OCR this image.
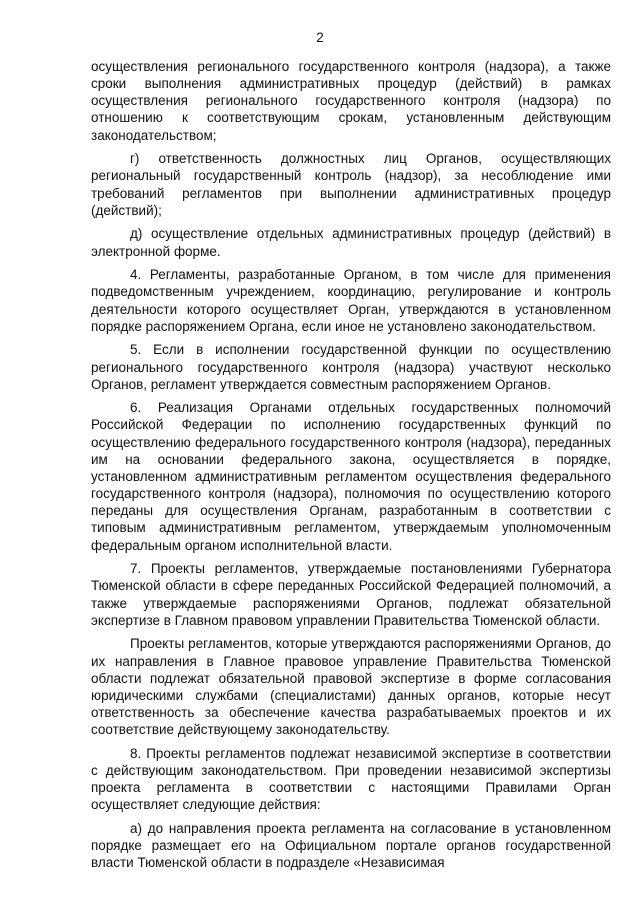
2

осуществления регионального государственного контроля (надзора), а также сроки выполнения административных процедур (действий) в рамках осуществления регионального государственного контроля (надзора) по отношению к соответствующим срокам, установленным действующим законодательством;

г) ответственность должностных лиц Органов, осуществляющих региональный государственный контроль (надзор), за несоблюдение ими требований регламентов при выполнении административных процедур (действий);

д) осуществление отдельных административных процедур (действий) в электронной форме.

4. Регламенты, разработанные Органом, в том числе для применения подведомственным учреждением, координацию, регулирование и контроль деятельности которого осуществляет Орган, утверждаются в установленном порядке распоряжением Органа, если иное не установлено законодательством.

5. Если в исполнении государственной функции по осуществлению регионального государственного контроля (надзора) участвуют несколько Органов, регламент утверждается совместным распоряжением Органов.

6. Реализация Органами отдельных государственных полномочий Российской Федерации по исполнению государственных функций по осуществлению федерального государственного контроля (надзора), переданных им на основании федерального закона, осуществляется в порядке, установленном административным регламентом осуществления федерального государственного контроля (надзора), полномочия по осуществлению которого переданы для осуществления Органам, разработанным в соответствии с типовым административным регламентом, утверждаемым уполномоченным федеральным органом исполнительной власти.

7. Проекты регламентов, утверждаемые постановлениями Губернатора Тюменской области в сфере переданных Российской Федерацией полномочий, а также утверждаемые распоряжениями Органов, подлежат обязательной экспертизе в Главном правовом управлении Правительства Тюменской области.

Проекты регламентов, которые утверждаются распоряжениями Органов, до их направления в Главное правовое управление Правительства Тюменской области подлежат обязательной правовой экспертизе в форме согласования юридическими службами (специалистами) данных органов, которые несут ответственность за обеспечение качества разрабатываемых проектов и их соответствие действующему законодательству.

8. Проекты регламентов подлежат независимой экспертизе в соответствии с действующим законодательством. При проведении независимой экспертизы проекта регламента в соответствии с настоящими Правилами Орган осуществляет следующие действия:

а) до направления проекта регламента на согласование в установленном порядке размещает его на Официальном портале органов государственной власти Тюменской области в подразделе «Независимая
